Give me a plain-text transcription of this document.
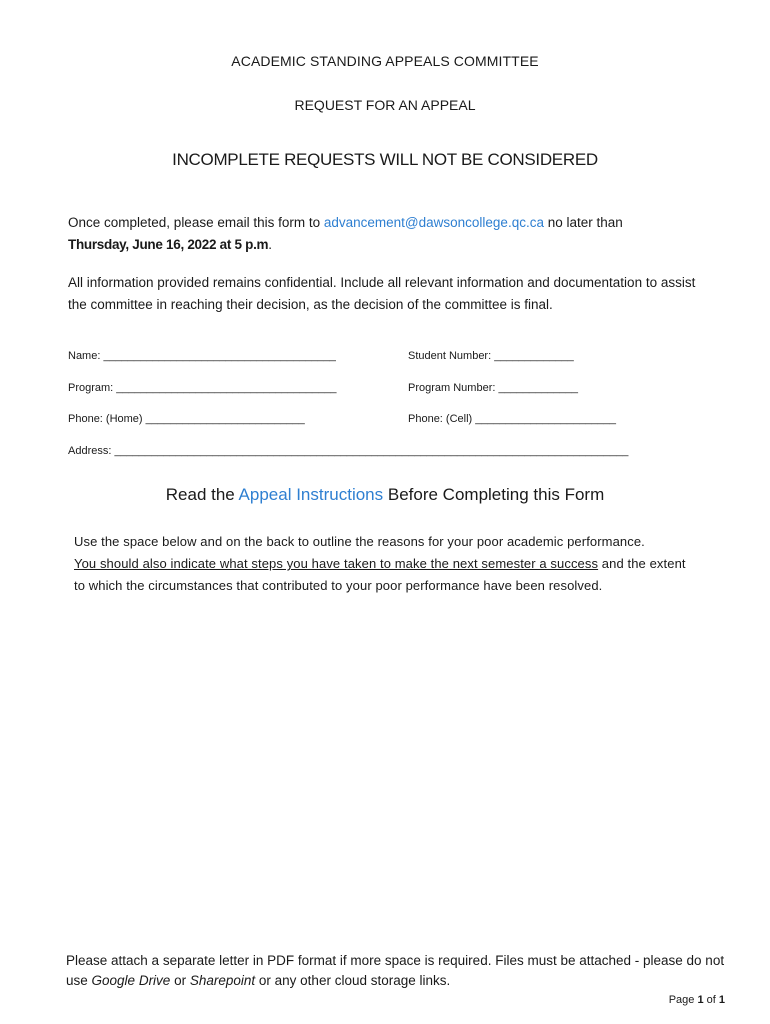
ACADEMIC STANDING APPEALS COMMITTEE
REQUEST FOR AN APPEAL
INCOMPLETE REQUESTS WILL NOT BE CONSIDERED
Once completed, please email this form to advancement@dawsoncollege.qc.ca no later than
Thursday, June 16, 2022 at 5 p.m.
All information provided remains confidential. Include all relevant information and documentation to assist the committee in reaching their decision, as the decision of the committee is final.
Name: ______________________________________	Student Number: _____________
Program: ____________________________________	Program Number: _____________
Phone: (Home) __________________________	Phone: (Cell) _______________________
Address: ____________________________________________________________________________________
Read the Appeal Instructions Before Completing this Form
Use the space below and on the back to outline the reasons for your poor academic performance.
You should also indicate what steps you have taken to make the next semester a success and the extent to which the circumstances that contributed to your poor performance have been resolved.
Please attach a separate letter in PDF format if more space is required. Files must be attached - please do not use Google Drive or Sharepoint or any other cloud storage links.
Page 1 of 1
